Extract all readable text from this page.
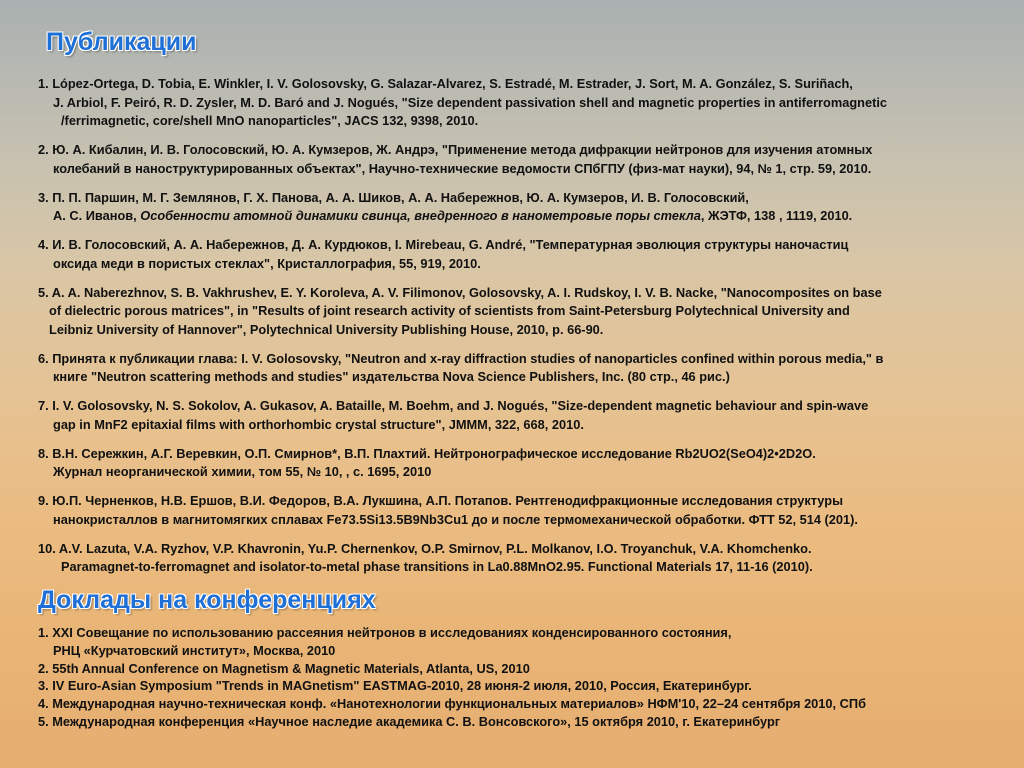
Публикации
1. López-Ortega, D. Tobia, E. Winkler, I. V. Golosovsky, G. Salazar-Alvarez, S. Estradé, M. Estrader, J. Sort, M. A. González, S. Suriñach,
J. Arbiol, F. Peiró, R. D. Zysler, M. D. Baró and J. Nogués, "Size dependent passivation shell and magnetic properties in antiferromagnetic
/ferrimagnetic, core/shell MnO nanoparticles", JACS 132, 9398, 2010.
2. Ю. А. Кибалин, И. В. Голосовский, Ю. А. Кумзеров, Ж. Андрэ, "Применение метода дифракции нейтронов для изучения атомных
колебаний в наноструктурированных объектах", Научно-технические ведомости СПбГПУ (физ-мат науки), 94, № 1, стр. 59, 2010.
3. П. П. Паршин, М. Г. Землянов, Г. Х. Панова, А. А. Шиков, А. А. Набережнов, Ю. А. Кумзеров, И. В. Голосовский,
А. С. Иванов, Особенности атомной динамики свинца, внедренного в нанометровые поры стекла, ЖЭТФ, 138 , 1119, 2010.
4. И. В. Голосовский, А. А. Набережнов, Д. А. Курдюков, I. Mirebeau, G. André, "Температурная эволюция структуры наночастиц
оксида меди в пористых стеклах", Кристаллография, 55, 919, 2010.
5. A. A. Naberezhnov, S. B. Vakhrushev, E. Y. Koroleva, A. V. Filimonov, Golosovsky, A. I. Rudskoy, I. V. B. Nacke, "Nanocomposites on base
of dielectric porous matrices", in "Results of joint research activity of scientists from Saint-Petersburg Polytechnical University and
Leibniz University of Hannover", Polytechnical University Publishing House, 2010, p. 66-90.
6. Принята к публикации глава: I. V. Golosovsky, "Neutron and x-ray diffraction studies of nanoparticles confined within porous media," в
книге "Neutron scattering methods and studies" издательства Nova Science Publishers, Inc. (80 стр., 46 рис.)
7. I. V. Golosovsky, N. S. Sokolov, A. Gukasov, A. Bataille, M. Boehm, and J. Nogués, "Size-dependent magnetic behaviour and spin-wave
gap in MnF2 epitaxial films with orthorhombic crystal structure", JMMM, 322, 668, 2010.
8. В.Н. Сережкин, А.Г. Веревкин, О.П. Смирнов*, В.П. Плахтий. Нейтронографическое исследование Rb2UO2(SeO4)2•2D2O.
Журнал неорганической химии, том 55, № 10, , с. 1695, 2010
9. Ю.П. Черненков, Н.В. Ершов, В.И. Федоров, В.А. Лукшина, А.П. Потапов. Рентгенодифракционные исследования структуры
нанокристаллов в магнитомягких сплавах Fe73.5Si13.5B9Nb3Cu1 до и после термомеханической обработки. ФТТ 52, 514 (201).
10. A.V. Lazuta, V.A. Ryzhov, V.P. Khavronin, Yu.P. Chernenkov, O.P. Smirnov, P.L. Molkanov, I.O. Troyanchuk, V.A. Khomchenko.
Paramagnet-to-ferromagnet and isolator-to-metal phase transitions in La0.88MnO2.95. Functional Materials 17, 11-16 (2010).
Доклады на конференциях
1. XXI Совещание по использованию рассеяния нейтронов в исследованиях конденсированного состояния,
РНЦ «Курчатовский институт», Москва, 2010
2. 55th Annual Conference on Magnetism & Magnetic Materials, Atlanta, US, 2010
3. IV Euro-Asian Symposium "Trends in MAGnetism" EASTMAG-2010, 28 июня-2 июля, 2010, Россия, Екатеринбург.
4. Международная научно-техническая конф. «Нанотехнологии функциональных материалов» НФМ'10, 22–24 сентября 2010, СПб
5. Международная конференция «Научное наследие академика С. В. Вонсовского», 15 октября 2010, г. Екатеринбург
